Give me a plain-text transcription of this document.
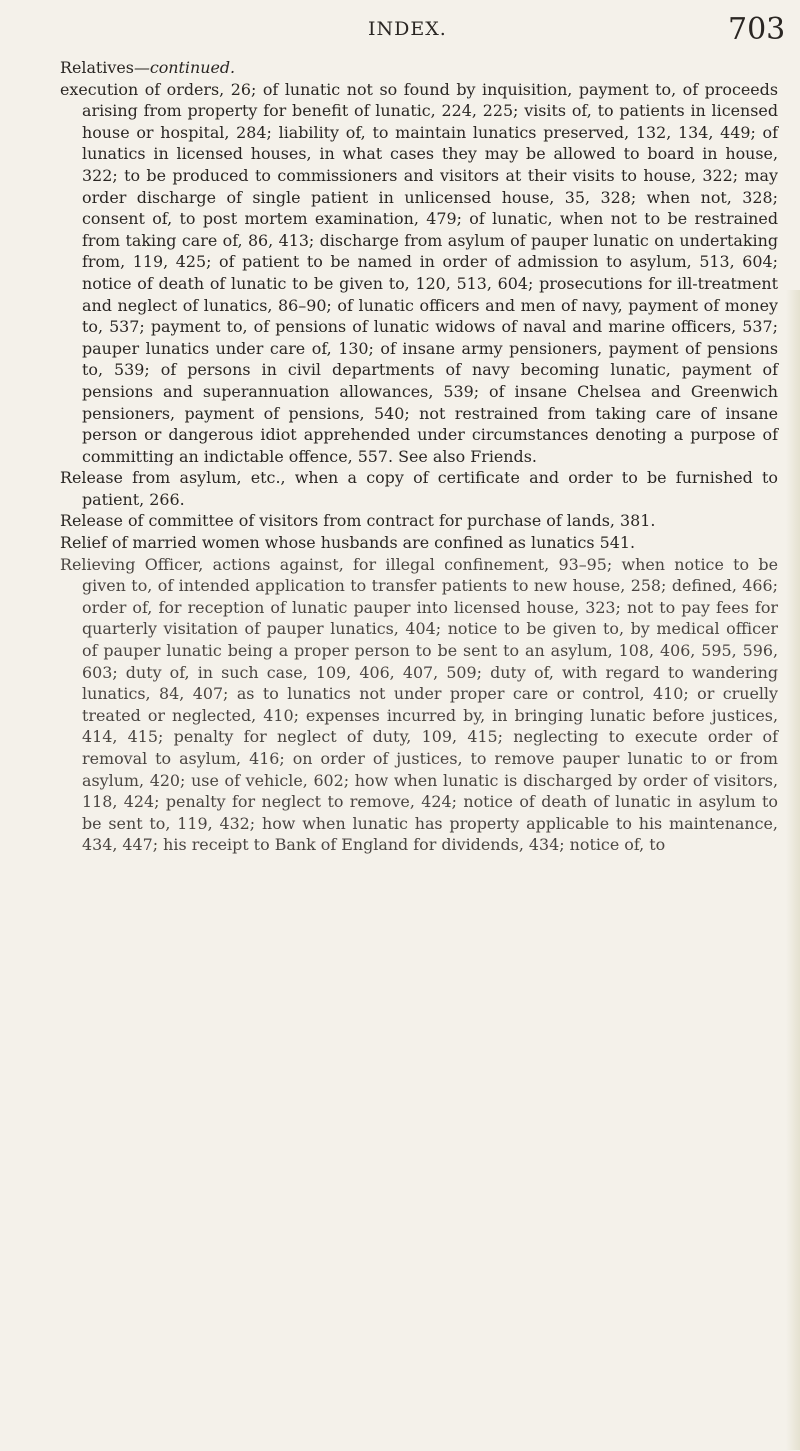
INDEX.	703

Relatives—continued.

execution of orders, 26; of lunatic not so found by inquisition, payment to, of proceeds arising from property for benefit of lunatic, 224, 225; visits of, to patients in licensed house or hospital, 284; liability of, to maintain lunatics preserved, 132, 134, 449; of lunatics in licensed houses, in what cases they may be allowed to board in house, 322; to be produced to commissioners and visitors at their visits to house, 322; may order discharge of single patient in unlicensed house, 35, 328; when not, 328; consent of, to post mortem examination, 479; of lunatic, when not to be restrained from taking care of, 86, 413; discharge from asylum of pauper lunatic on undertaking from, 119, 425; of patient to be named in order of admission to asylum, 513, 604; notice of death of lunatic to be given to, 120, 513, 604; prosecutions for ill-treatment and neglect of lunatics, 86–90; of lunatic officers and men of navy, payment of money to, 537; payment to, of pensions of lunatic widows of naval and marine officers, 537; pauper lunatics under care of, 130; of insane army pensioners, payment of pensions to, 539; of persons in civil departments of navy becoming lunatic, payment of pensions and superannuation allowances, 539; of insane Chelsea and Greenwich pensioners, payment of pensions, 540; not restrained from taking care of insane person or dangerous idiot apprehended under circumstances denoting a purpose of committing an indictable offence, 557. See also Friends.

Release from asylum, etc., when a copy of certificate and order to be furnished to patient, 266.

Release of committee of visitors from contract for purchase of lands, 381.

Relief of married women whose husbands are confined as lunatics 541.

Relieving Officer, actions against, for illegal confinement, 93–95; when notice to be given to, of intended application to transfer patients to new house, 258; defined, 466; order of, for reception of lunatic pauper into licensed house, 323; not to pay fees for quarterly visitation of pauper lunatics, 404; notice to be given to, by medical officer of pauper lunatic being a proper person to be sent to an asylum, 108, 406, 595, 596, 603; duty of, in such case, 109, 406, 407, 509; duty of, with regard to wandering lunatics, 84, 407; as to lunatics not under proper care or control, 410; or cruelly treated or neglected, 410; expenses incurred by, in bringing lunatic before justices, 414, 415; penalty for neglect of duty, 109, 415; neglecting to execute order of removal to asylum, 416; on order of justices, to remove pauper lunatic to or from asylum, 420; use of vehicle, 602; how when lunatic is discharged by order of visitors, 118, 424; penalty for neglect to remove, 424; notice of death of lunatic in asylum to be sent to, 119, 432; how when lunatic has property applicable to his maintenance, 434, 447; his receipt to Bank of England for dividends, 434; notice of, to
